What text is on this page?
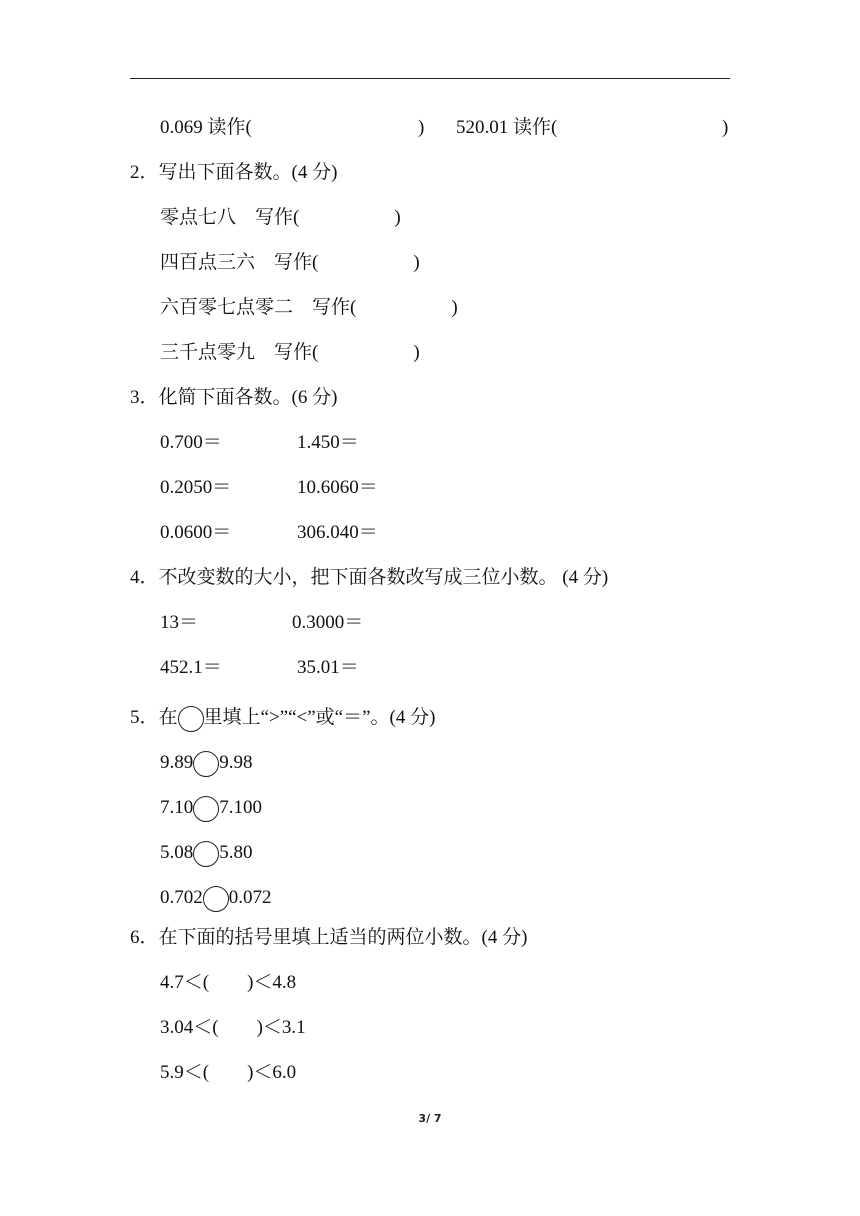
0.069 读作(	) 520.01 读作(	)
2．写出下面各数。(4 分)
零点七八　写作(　　　　　)
四百点三六　写作(　　　　　)
六百零七点零二　写作(　　　　　)
三千点零九　写作(　　　　　)
3．化简下面各数。(6 分)
0.700＝	1.450＝
0.2050＝	10.6060＝
0.0600＝	306.040＝
4．不改变数的大小，把下面各数改写成三位小数。 (4 分)
13＝	0.3000＝
452.1＝	35.01＝
5．在 里填上“>”“<”或“＝”。(4 分)
9.89 9.98
7.10 7.100
5.08 5.80
0.702 0.072
6．在下面的括号里填上适当的两位小数。(4 分)
4.7＜(　　)＜4.8
3.04＜(　　)＜3.1
5.9＜(　　)＜6.0
3/ 7
